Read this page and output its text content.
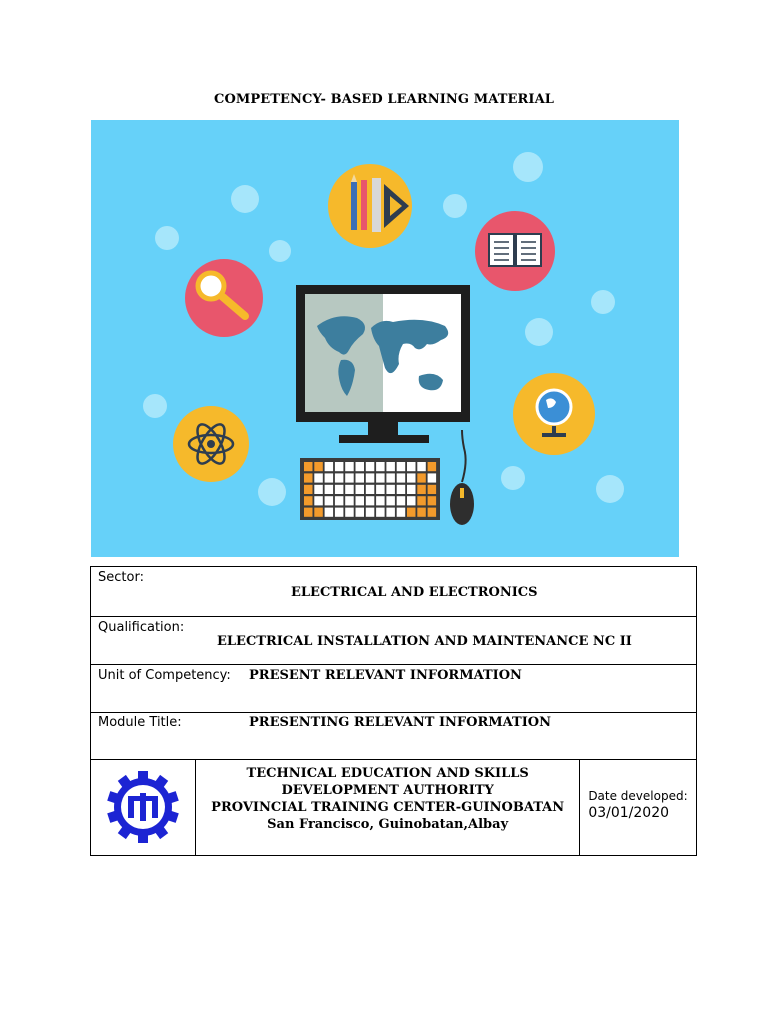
COMPETENCY- BASED LEARNING MATERIAL
Sector:
ELECTRICAL AND ELECTRONICS

Qualification:
ELECTRICAL INSTALLATION AND MAINTENANCE NC II

Unit of Competency: PRESENT RELEVANT INFORMATION

Module Title:	PRESENTING RELEVANT INFORMATION

TECHNICAL EDUCATION AND SKILLS
DEVELOPMENT AUTHORITY
PROVINCIAL TRAINING CENTER-GUINOBATAN
San Francisco, Guinobatan,Albay

Date developed:
03/01/2020
